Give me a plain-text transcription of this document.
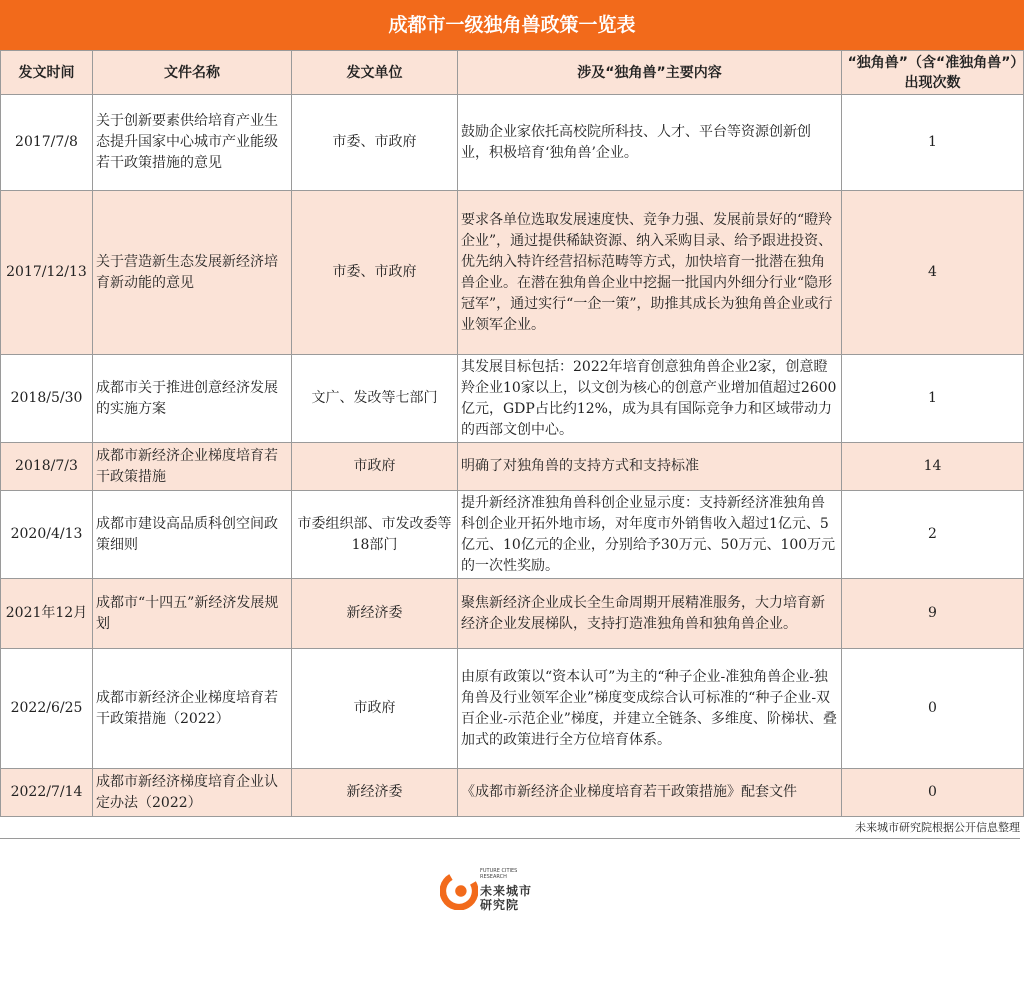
成都市一级独角兽政策一览表
发文时间	文件名称	发文单位	涉及“独角兽”主要内容	“独角兽”（含“准独角兽”）出现次数
2017/7/8	关于创新要素供给培育产业生态提升国家中心城市产业能级若干政策措施的意见	市委、市政府	鼓励企业家依托高校院所科技、人才、平台等资源创新创业，积极培育‘独角兽’企业。	1
2017/12/13	关于营造新生态发展新经济培育新动能的意见	市委、市政府	要求各单位选取发展速度快、竞争力强、发展前景好的“瞪羚企业”，通过提供稀缺资源、纳入采购目录、给予跟进投资、优先纳入特许经营招标范畴等方式，加快培育一批潜在独角兽企业。在潜在独角兽企业中挖掘一批国内外细分行业“隐形冠军”，通过实行“一企一策”，助推其成长为独角兽企业或行业领军企业。	4
2018/5/30	成都市关于推进创意经济发展的实施方案	文广、发改等七部门	其发展目标包括：2022年培育创意独角兽企业2家，创意瞪羚企业10家以上，以文创为核心的创意产业增加值超过2600亿元，GDP占比约12%，成为具有国际竞争力和区域带动力的西部文创中心。	1
2018/7/3	成都市新经济企业梯度培育若干政策措施	市政府	明确了对独角兽的支持方式和支持标准	14
2020/4/13	成都市建设高品质科创空间政策细则	市委组织部、市发改委等18部门	提升新经济准独角兽科创企业显示度：支持新经济准独角兽科创企业开拓外地市场，对年度市外销售收入超过1亿元、5亿元、10亿元的企业，分别给予30万元、50万元、100万元的一次性奖励。	2
2021年12月	成都市“十四五”新经济发展规划	新经济委	聚焦新经济企业成长全生命周期开展精准服务，大力培育新经济企业发展梯队，支持打造准独角兽和独角兽企业。	9
2022/6/25	成都市新经济企业梯度培育若干政策措施（2022）	市政府	由原有政策以“资本认可”为主的“种子企业-准独角兽企业-独角兽及行业领军企业”梯度变成综合认可标准的“种子企业-双百企业-示范企业”梯度，并建立全链条、多维度、阶梯状、叠加式的政策进行全方位培育体系。	0
2022/7/14	成都市新经济梯度培育企业认定办法（2022）	新经济委	《成都市新经济企业梯度培育若干政策措施》配套文件	0
未来城市研究院根据公开信息整理
FUTURE CITIES RESEARCH
未来城市
研究院
